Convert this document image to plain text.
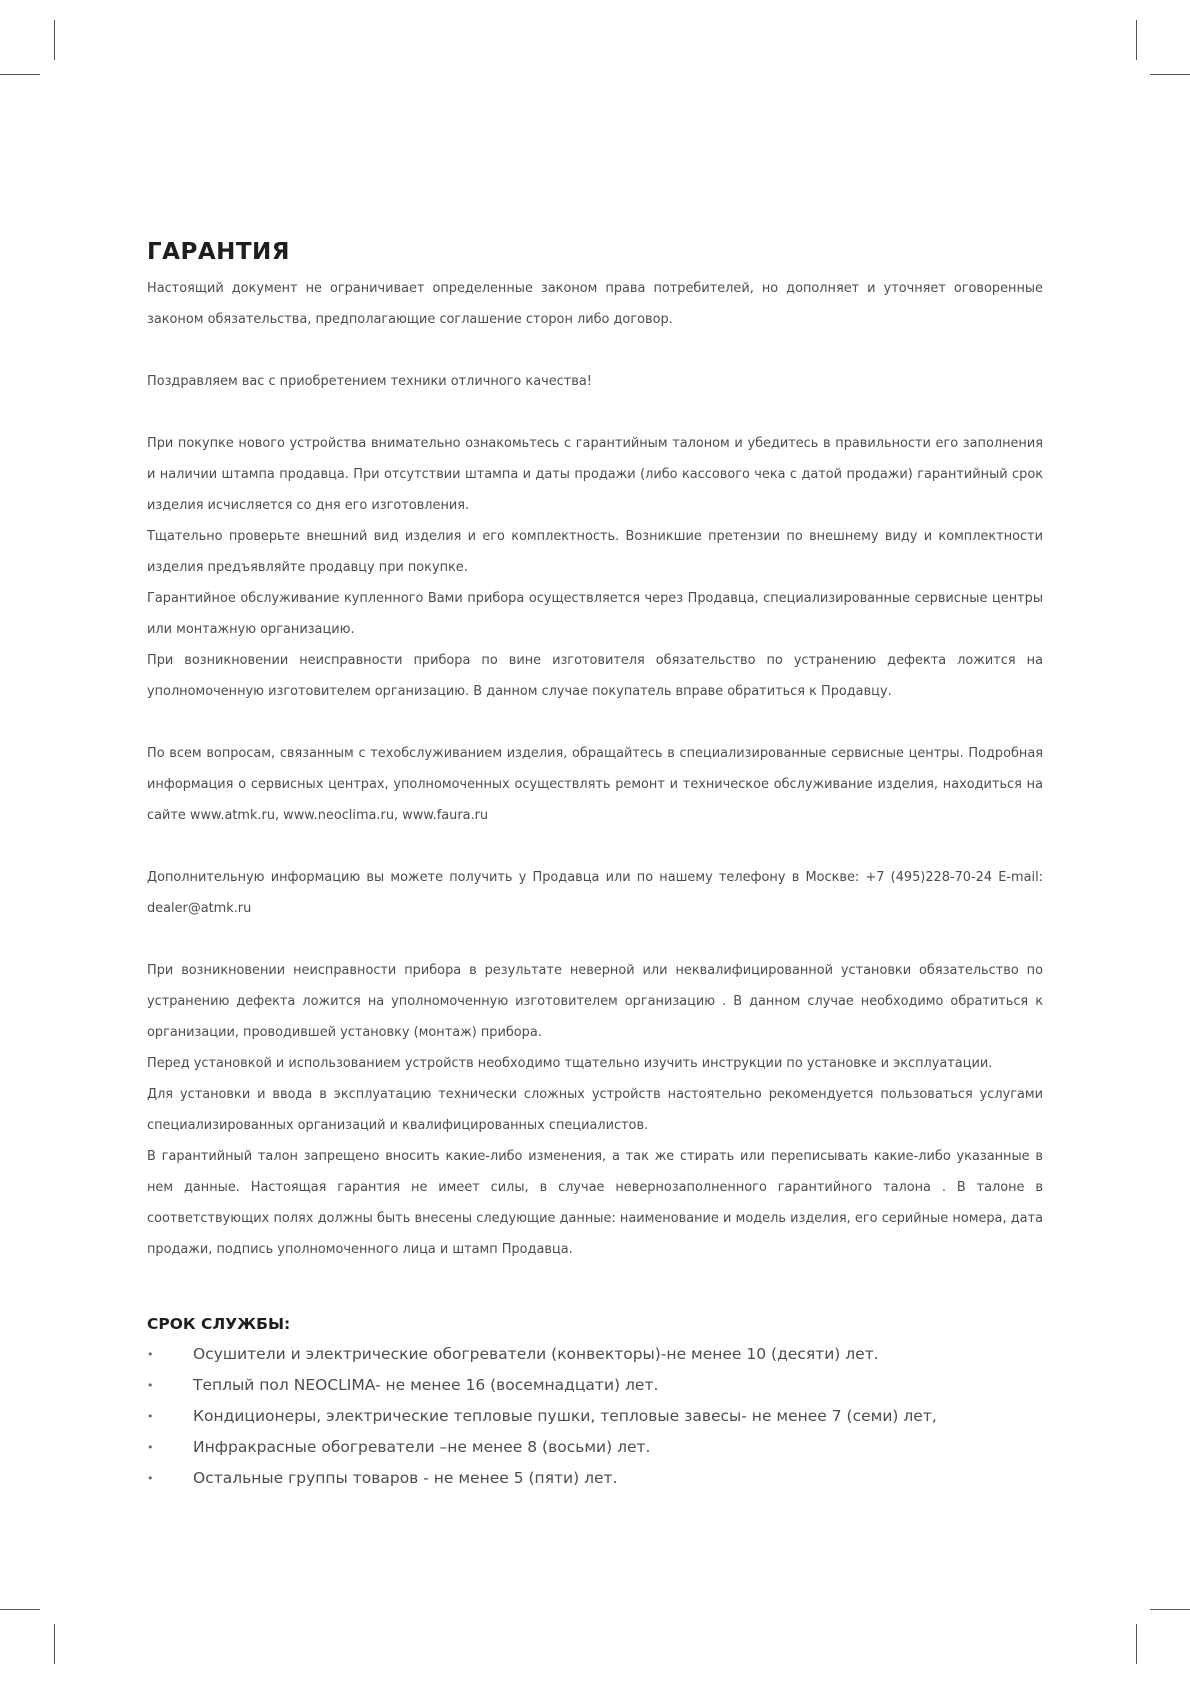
ГАРАНТИЯ

Настоящий документ не ограничивает определенные законом права потребителей, но дополняет и уточняет оговоренные законом обязательства, предполагающие соглашение сторон либо договор.

Поздравляем вас с приобретением техники отличного качества!

При покупке нового устройства внимательно ознакомьтесь с гарантийным талоном и убедитесь в правильности его заполнения и наличии штампа продавца. При отсутствии штампа и даты продажи (либо кассового чека с датой продажи) гарантийный срок изделия исчисляется со дня его изготовления.

Тщательно проверьте внешний вид изделия и его комплектность. Возникшие претензии по внешнему виду и комплектности изделия предъявляйте продавцу при покупке.

Гарантийное обслуживание купленного Вами прибора осуществляется через Продавца, специализированные сервисные центры или монтажную организацию.

При возникновении неисправности прибора по вине изготовителя обязательство по устранению дефекта ложится на уполномоченную изготовителем организацию. В данном случае покупатель вправе обратиться к Продавцу.

По всем вопросам, связанным с техобслуживанием изделия, обращайтесь в специализированные сервисные центры. Подробная информация о сервисных центрах, уполномоченных осуществлять ремонт и техническое обслуживание изделия, находиться на сайте www.atmk.ru, www.neoclima.ru, www.faura.ru

Дополнительную информацию вы можете получить у Продавца или по нашему телефону в Москве: +7 (495)228-70-24 E-mail: dealer@atmk.ru

При возникновении неисправности прибора в результате неверной или неквалифицированной установки обязательство по устранению дефекта ложится на уполномоченную изготовителем организацию . В данном случае необходимо обратиться к организации, проводившей установку (монтаж) прибора.

Перед установкой и использованием устройств необходимо тщательно изучить инструкции по установке и эксплуатации.

Для установки и ввода в эксплуатацию технически сложных устройств настоятельно рекомендуется пользоваться услугами специализированных организаций и квалифицированных специалистов.

В гарантийный талон запрещено вносить какие-либо изменения, а так же стирать или переписывать какие-либо указанные в нем данные. Настоящая гарантия не имеет силы, в случае невернозаполненного гарантийного талона . В талоне в соответствующих полях должны быть внесены следующие данные: наименование и модель изделия, его серийные номера, дата продажи, подпись уполномоченного лица и штамп Продавца.

СРОК СЛУЖБЫ:
•	Осушители и электрические обогреватели (конвекторы)-не менее 10 (десяти) лет.
•	Теплый пол NEOCLIMA- не менее 16 (восемнадцати) лет.
•	Кондиционеры, электрические тепловые пушки, тепловые завесы- не менее 7 (семи) лет,
•	Инфракрасные обогреватели –не менее 8 (восьми) лет.
•	Остальные группы товаров - не менее 5 (пяти) лет.
